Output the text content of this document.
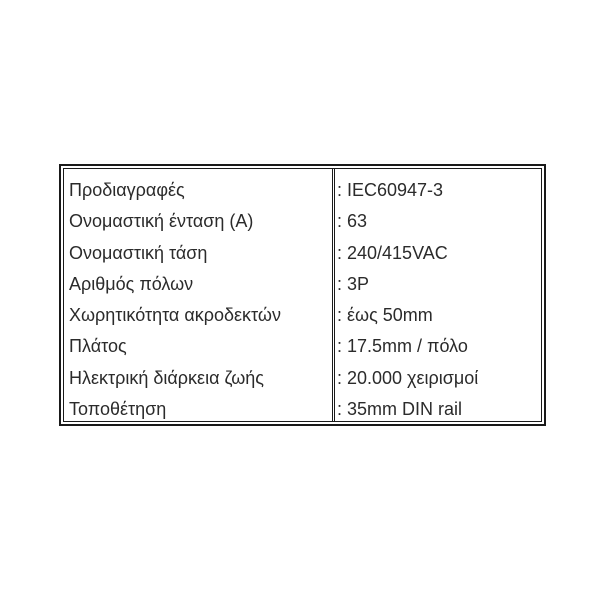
Προδιαγραφές	: IEC60947-3
Ονομαστική ένταση (A)	: 63
Ονομαστική τάση	: 240/415VAC
Αριθμός πόλων	: 3P
Χωρητικότητα ακροδεκτών	: έως 50mm
Πλάτος	: 17.5mm / πόλο
Ηλεκτρική διάρκεια ζωής	: 20.000 χειρισμοί
Τοποθέτηση	: 35mm DIN rail
